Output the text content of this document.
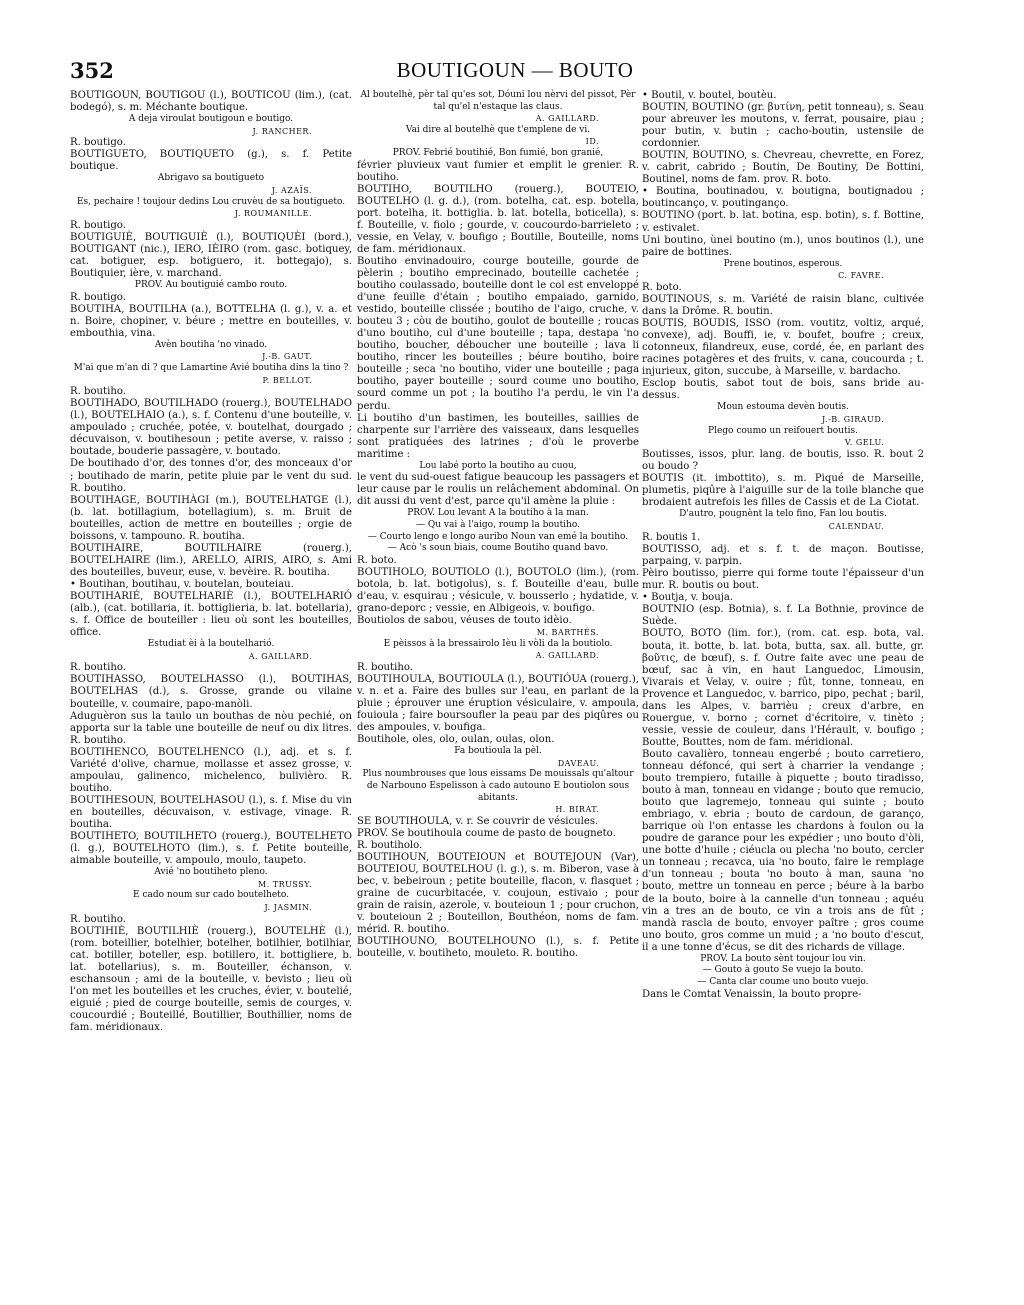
352	BOUTIGOUN — BOUTO

BOUTIGOUN, BOUTIGOU (l.), BOUTICOU (lim.), (cat. bodegó), s. m. Méchante boutique.

A deja viroulat boutigoun e boutigo.

J. RANCHER.

R. boutigo.

BOUTIGUETO, BOUTIQUETO (g.), s. f. Petite boutique.

Abrigavo sa boutigueto

J. AZAÏS.

Es, pechaire ! toujour dedins Lou cruvèu de sa boutigueto.

J. ROUMANILLE.

R. boutigo.

BOUTIGUIÈ, BOUTIGUIÈ (l.), BOUTIQUÈI (bord.), BOUTIGANT (nic.), IERO, IÈIRO (rom. gasc. botiquey, cat. botiguer, esp. botiguero, it. bottegajo), s. Boutiquier, ière, v. marchand.

PROV. Au boutiguié cambo routo.

R. boutigo.

BOUTIHA, BOUTILHA (a.), BOTTELHA (l. g.), v. a. et n. Boire, chopiner, v. béure ; mettre en bouteilles, v. embouthia, vina.

Avèn boutiha 'no vinado.

J.-B. GAUT.

M'ai que m'an di ? que Lamartine Avié boutiha dins la tino ?

P. BELLOT.

R. boutiho.

BOUTIHADO, BOUTILHADO (rouerg.), BOUTELHADO (l.), BOUTELHAIO (a.), s. f. Contenu d'une bouteille, v. ampoulado ; cruchée, potée, v. boutelhat, dourgado ; décuvaison, v. boutihesoun ; petite averse, v. raisso ; boutade, bouderie passagère, v. boutado.

De boutihado d'or, des tonnes d'or, des monceaux d'or ; boutihado de marin, petite pluie par le vent du sud. R. boutiho.

BOUTIHAGE, BOUTIHÀGI (m.), BOUTELHATGE (l.), (b. lat. botillagium, botellagium), s. m. Bruit de bouteilles, action de mettre en bouteilles ; orgie de boissons, v. tampouno. R. boutiha.

BOUTIHAIRE, BOUTILHAIRE (rouerg.), BOUTELHAIRE (lim.), ARELLO, AIRIS, AIRO, s. Ami des bouteilles, buveur, euse, v. bevèire. R. boutiha.

• Boutihan, boutihau, v. boutelan, bouteiau.

BOUTIHARIÉ, BOUTELHARIÈ (l.), BOUTELHARIÓ (alb.), (cat. botillaria, it. bottiglieria, b. lat. botellaria), s. f. Office de bouteiller : lieu où sont les bouteilles, office.

Estudiat èi à la boutelharió.

A. GAILLARD.

R. boutiho.

BOUTIHASSO, BOUTELHASSO (l.), BOUTIHAS, BOUTELHAS (d.), s. Grosse, grande ou vilaine bouteille, v. coumaire, papo-manòli.

Aduguèron sus la taulo un bouthas de nòu pechié, on apporta sur la table une bouteille de neuf ou dix litres. R. boutiho.

BOUTIHENCO, BOUTELHENCO (l.), adj. et s. f. Variété d'olive, charnue, mollasse et assez grosse, v. ampoulau, galinenco, michelenco, bulivièro. R. boutiho.

BOUTIHESOUN, BOUTELHASOU (l.), s. f. Mise du vin en bouteilles, décuvaison, v. estivage, vinage. R. boutiha.

BOUTIHETO, BOUTILHETO (rouerg.), BOUTELHETO (l. g.), BOUTELHOTO (lim.), s. f. Petite bouteille, aimable bouteille, v. ampoulo, moulo, taupeto.

Avié 'no boutiheto pleno.

M. TRUSSY.

E cado noum sur cado boutelheto.

J. JASMIN.

R. boutiho.

BOUTIHIÈ, BOUTILHIÈ (rouerg.), BOUTELHÈ (l.), (rom. boteillier, botelhier, botelher, botilhier, botilhiar, cat. botiller, boteller, esp. botillero, it. bottigliere, b. lat. botellarius), s. m. Bouteiller, échanson, v. eschansoun ; ami de la bouteille, v. bevisto ; lieu où l'on met les bouteilles et les cruches, évier, v. boutelié, eiguié ; pied de courge bouteille, semis de courges, v. coucourdié ; Bouteillé, Boutillier, Bouthillier, noms de fam. méridionaux.

Al boutelhè, pèr tal qu'es sot, Dóuni lou nèrvi del pissot, Pèr tal qu'el n'estaque las claus.

A. GAILLARD.

Vai dire al boutelhè que t'emplene de vi.

ID.

PROV. Febrié boutihié, Bon fumié, bon granié,

février pluvieux vaut fumier et emplit le grenier. R. boutiho.

BOUTIHO, BOUTILHO (rouerg.), BOUTEIO, BOUTELHO (l. g. d.), (rom. botelha, cat. esp. botella, port. botelha, it. bottiglia. b. lat. botella, boticella), s. f. Bouteille, v. fiolo ; gourde, v. coucourdo-barrieleto ; vessie, en Velay, v. boufigo ; Boutille, Bouteille, noms de fam. méridionaux.

Boutiho envinadouiro, courge bouteille, gourde de pèlerin ; boutiho emprecinado, bouteille cachetée ; boutiho coulassado, bouteille dont le col est enveloppé d'une feuille d'étain ; boutiho empaiado, garnido, vestido, bouteille clissée ; boutiho de l'aigo, cruche, v. bouteu 3 ; còu de boutiho, goulot de bouteille ; roucas d'uno boutiho, cul d'une bouteille ; tapa, destapa 'no boutiho, boucher, déboucher une bouteille ; lava li boutiho, rincer les bouteilles ; béure boutiho, boire bouteille ; seca 'no boutiho, vider une bouteille ; paga boutiho, payer bouteille ; sourd coume uno boutiho, sourd comme un pot ; la boutiho l'a perdu, le vin l'a perdu.

Li boutiho d'un bastimen, les bouteilles, saillies de charpente sur l'arrière des vaisseaux, dans lesquelles sont pratiquées des latrines ; d'où le proverbe maritime :

Lou labé porto la boutiho au cuou,

le vent du sud-ouest fatigue beaucoup les passagers et leur cause par le roulis un relâchement abdominal. On dit aussi du vent d'est, parce qu'il amène la pluie :

PROV. Lou levant A la boutiho à la man.

— Qu vai à l'aigo, roump la boutiho.

— Courto lengo e longo auribo Noun van emé la boutiho.

— Acò 's soun biais, coume Boutiho quand bavo.

R. boto.

BOUTIHOLO, BOUTIOLO (l.), BOUTOLO (lim.), (rom. botola, b. lat. botigolus), s. f. Bouteille d'eau, bulle d'eau, v. esquirau ; vésicule, v. bousserlo ; hydatide, v. grano-deporc ; vessie, en Albigeois, v. boufigo.

Boutiolos de sabou, véuses de touto idèio.

M. BARTHÉS.

E pèissos à la bressairolo Ièu li vòli da la boutiolo.

A. GAILLARD.

R. boutiho.

BOUTIHOULA, BOUTIOULA (l.), BOUTIÓUA (rouerg.), v. n. et a. Faire des bulles sur l'eau, en parlant de la pluie ; éprouver une éruption vésiculaire, v. ampoula, fouioula ; faire boursoufler la peau par des piqûres ou des ampoules, v. boufiga.

Boutihole, oles, olo, oulan, oulas, olon.

Fa boutioula la pèl.

DAVEAU.

Plus noumbrouses que lous eissams De mouissals qu'altour de Narbouno Espelisson à cado autouno E boutiolon sous abitants.

H. BIRAT.

SE BOUTIHOULA, v. r. Se couvrir de vésicules.

PROV. Se boutihoula coume de pasto de bougneto.

R. boutiholo.

BOUTIHOUN, BOUTEIOUN et BOUTEJOUN (Var), BOUTEIOU, BOUTELHOU (l. g.), s. m. Biberon, vase à bec, v. bebeiroun ; petite bouteille, flacon, v. flasquet ; graine de cucurbitacée, v. coujoun, estivaio ; pour grain de raisin, azerole, v. bouteioun 1 ; pour cruchon, v. bouteioun 2 ; Bouteillon, Bouthéon, noms de fam. mérid. R. boutiho.

BOUTIHOUNO, BOUTELHOUNO (l.), s. f. Petite bouteille, v. boutiheto, mouleto. R. boutiho.

• Boutil, v. boutel, boutèu.

BOUTIN, BOUTINO (gr. βυτίνη, petit tonneau), s. Seau pour abreuver les moutons, v. ferrat, pousaire, piau ; pour butin, v. butin ; cacho-boutin, ustensile de cordonnier.

BOUTIN, BOUTINO, s. Chevreau, chevrette, en Forez, v. cabrit, cabrido ; Boutin, De Boutiny, De Bottini, Boutinel, noms de fam. prov. R. boto.

• Boutina, boutinadou, v. boutigna, boutignadou ; boutincanço, v. poutinganço.

BOUTINO (port. b. lat. botina, esp. botin), s. f. Bottine, v. estivalet.

Uni boutino, ùnei boutino (m.), unos boutinos (l.), une paire de bottines.

Prene boutinos, esperous.

C. FAVRE.

R. boto.

BOUTINOUS, s. m. Variété de raisin blanc, cultivée dans la Drôme. R. boutin.

BOUTIS, BOUDIS, ISSO (rom. voutitz, voltiz, arqué, convexe), adj. Bouffi, ie, v. boufet, boufre ; creux, cotonneux, filandreux, euse, cordé, ée, en parlant des racines potagères et des fruits, v. cana, coucourda ; t. injurieux, giton, succube, à Marseille, v. bardacho.

Esclop boutis, sabot tout de bois, sans bride au-dessus.

Moun estouma devèn boutis.

J.-B. GIRAUD.

Plego coumo un reifouert boutis.

V. GELU.

Boutisses, issos, plur. lang. de boutis, isso. R. bout 2 ou boudo ?

BOUTIS (it. imbottito), s. m. Piqué de Marseille, plumetis, piqûre à l'aiguille sur de la toile blanche que brodaient autrefois les filles de Cassis et de La Ciotat.

D'autro, pougnènt la telo fino, Fan lou boutis.

CALENDAU.

R. boutis 1.

BOUTISSO, adj. et s. f. t. de maçon. Boutisse, parpaing, v. parpin.

Pèiro boutisso, pierre qui forme toute l'épaisseur d'un mur. R. boutis ou bout.

• Boutja, v. bouja.

BOUTNIO (esp. Botnia), s. f. La Bothnie, province de Suède.

BOUTO, BOTO (lim. for.), (rom. cat. esp. bota, val. bouta, it. botte, b. lat. bota, butta, sax. all. butte, gr. βοῦτις, de bœuf), s. f. Outre faite avec une peau de bœuf, sac à vin, en haut Languedoc, Limousin, Vivarais et Velay, v. ouire ; fût, tonne, tonneau, en Provence et Languedoc, v. barrico, pipo, pechat ; baril, dans les Alpes, v. barrièu ; creux d'arbre, en Rouergue, v. borno ; cornet d'écritoire, v. tinèto ; vessie, vessie de couleur, dans l'Hérault, v. boufigo ; Boutte, Bouttes, nom de fam. méridional.

Bouto cavalièro, tonneau engerbé ; bouto carretiero, tonneau défoncé, qui sert à charrier la vendange ; bouto trempiero, futaille à piquette ; bouto tiradisso, bouto à man, tonneau en vidange ; bouto que remucio, bouto que lagremejo, tonneau qui suinte ; bouto embriago, v. ebria ; bouto de cardoun, de garanço, barrique où l'on entasse les chardons à foulon ou la poudre de garance pour les expédier ; uno bouto d'òli, une botte d'huile ; ciéucla ou plecha 'no bouto, cercler un tonneau ; recavca, uia 'no bouto, faire le remplage d'un tonneau ; bouta 'no bouto à man, sauna 'no bouto, mettre un tonneau en perce ; béure à la barbo de la bouto, boire à la cannelle d'un tonneau ; aquéu vin a tres an de bouto, ce vin a trois ans de fût ; mandà rascla de bouto, envoyer paître ; gros coume uno bouto, gros comme un muid ; a 'no bouto d'escut, il a une tonne d'écus, se dit des richards de village.

PROV. La bouto sènt toujour lou vin.

— Gouto à gouto Se vuejo la bouto.

— Canta clar coume uno bouto vuejo.

Dans le Comtat Venaissin, la bouto propre-
